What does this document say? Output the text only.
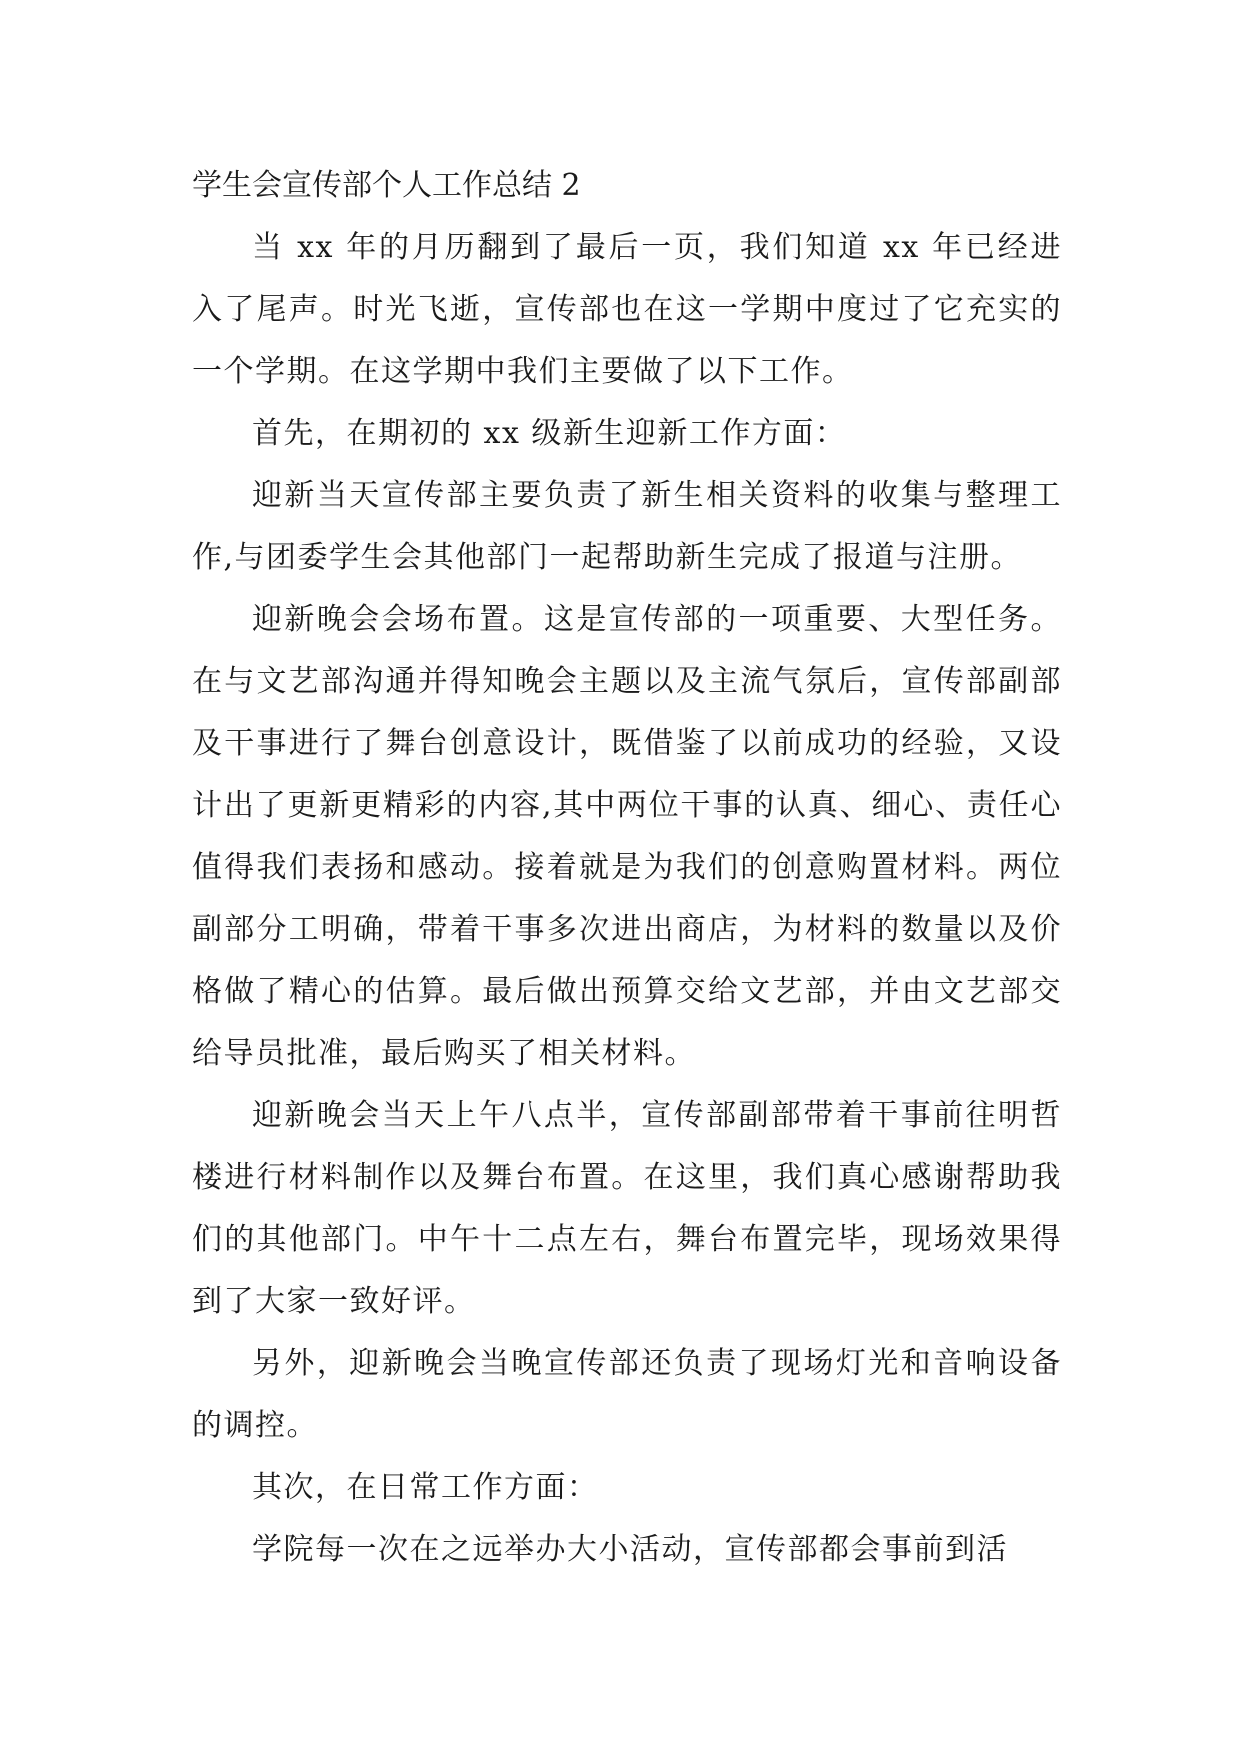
学生会宣传部个人工作总结 2

当 xx 年的月历翻到了最后一页，我们知道 xx 年已经进入了尾声。时光飞逝，宣传部也在这一学期中度过了它充实的一个学期。在这学期中我们主要做了以下工作。

首先，在期初的 xx 级新生迎新工作方面：

迎新当天宣传部主要负责了新生相关资料的收集与整理工作,与团委学生会其他部门一起帮助新生完成了报道与注册。

迎新晚会会场布置。这是宣传部的一项重要、大型任务。在与文艺部沟通并得知晚会主题以及主流气氛后，宣传部副部及干事进行了舞台创意设计，既借鉴了以前成功的经验，又设计出了更新更精彩的内容,其中两位干事的认真、细心、责任心值得我们表扬和感动。接着就是为我们的创意购置材料。两位副部分工明确，带着干事多次进出商店，为材料的数量以及价格做了精心的估算。最后做出预算交给文艺部，并由文艺部交给导员批准，最后购买了相关材料。

迎新晚会当天上午八点半，宣传部副部带着干事前往明哲楼进行材料制作以及舞台布置。在这里，我们真心感谢帮助我们的其他部门。中午十二点左右，舞台布置完毕，现场效果得到了大家一致好评。

另外，迎新晚会当晚宣传部还负责了现场灯光和音响设备的调控。

其次，在日常工作方面：

学院每一次在之远举办大小活动，宣传部都会事前到活
